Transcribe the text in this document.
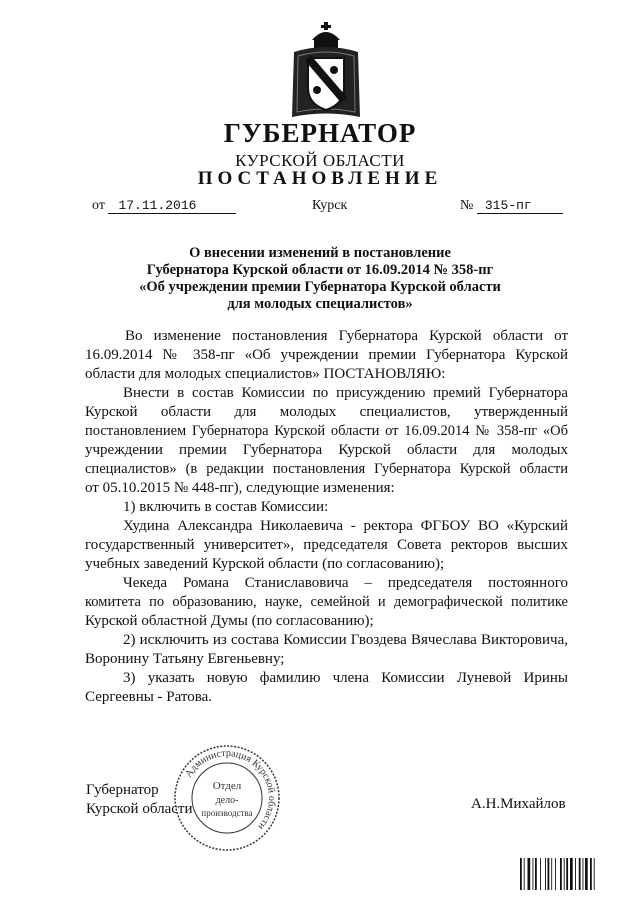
ГУБЕРНАТОР
КУРСКОЙ ОБЛАСТИ
ПОСТАНОВЛЕНИЕ
от 17.11.2016	Курск	№ 315-пг
О внесении изменений в постановление
Губернатора Курской области от 16.09.2014 № 358-пг
«Об учреждении премии Губернатора Курской области
для молодых специалистов»
Во изменение постановления Губернатора Курской области от
16.09.2014 № 358-пг «Об учреждении премии Губернатора Курской
области для молодых специалистов» ПОСТАНОВЛЯЮ:
Внести в состав Комиссии по присуждению премий Губернатора
Курской области для молодых специалистов, утвержденный
постановлением Губернатора Курской области от 16.09.2014 № 358-пг «Об
учреждении премии Губернатора Курской области для молодых
специалистов» (в редакции постановления Губернатора Курской области
от 05.10.2015 № 448-пг), следующие изменения:
1) включить в состав Комиссии:
Худина Александра Николаевича - ректора ФГБОУ ВО «Курский
государственный университет», председателя Совета ректоров высших
учебных заведений Курской области (по согласованию);
Чекеда Романа Станиславовича – председателя постоянного
комитета по образованию, науке, семейной и демографической политике
Курской областной Думы (по согласованию);
2) исключить из состава Комиссии Гвоздева Вячеслава Викторовича,
Воронину Татьяну Евгеньевну;
3) указать новую фамилию члена Комиссии Луневой Ирины
Сергеевны - Ратова.
Губернатор
Курской области	А.Н.Михайлов
Администрация Курской области
Отдел
дело-
производства
